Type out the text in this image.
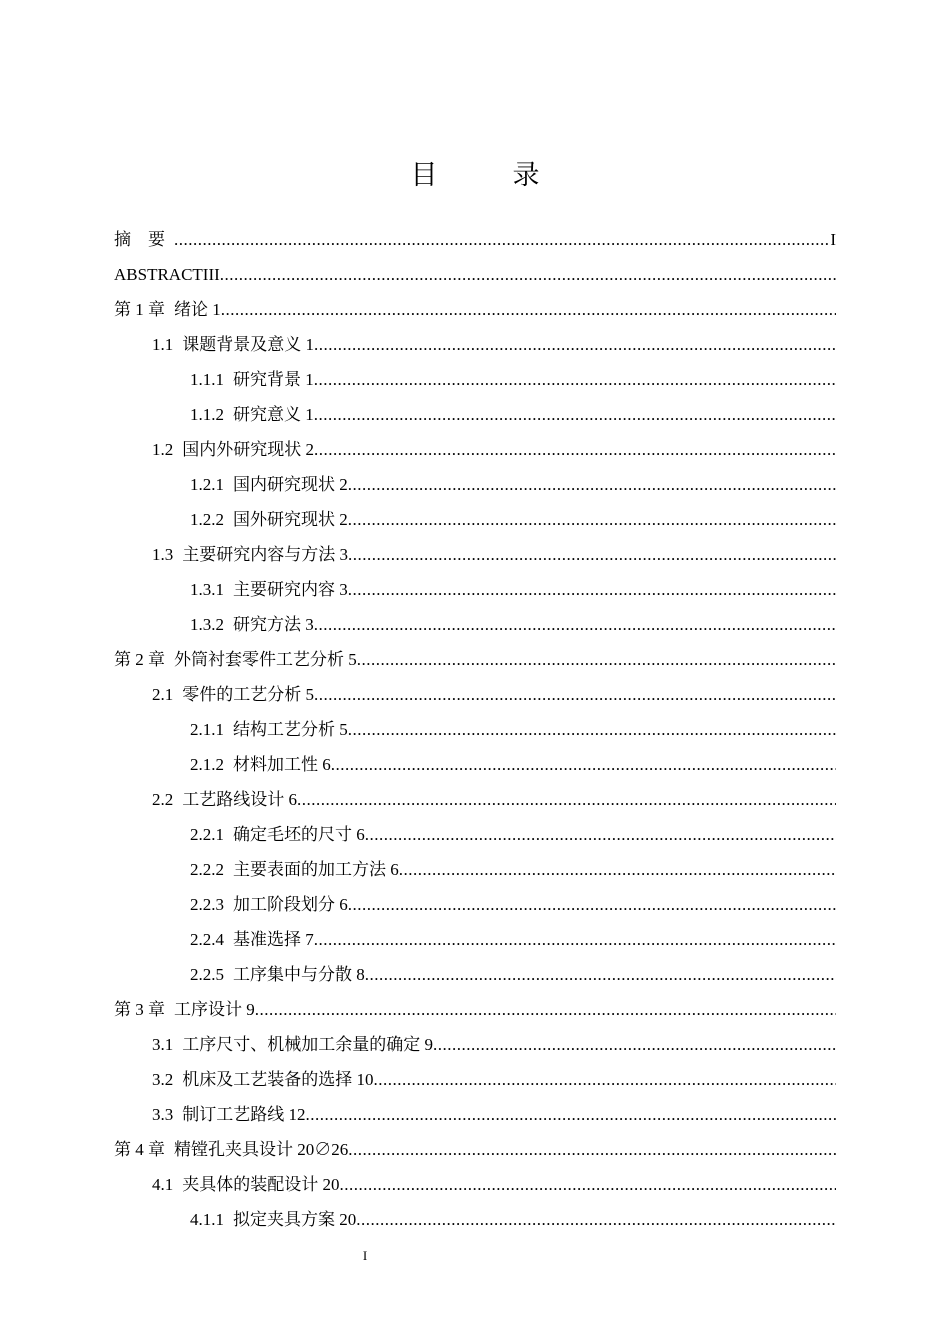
目　录
摘　要
.....	I
ABSTRACTIII
.....
第 1 章 绪论 1
.....
1.1 课题背景及意义 1
.....
1.1.1 研究背景 1
.....
1.1.2 研究意义 1
.....
1.2 国内外研究现状 2
.....
1.2.1 国内研究现状 2
.....
1.2.2 国外研究现状 2
.....
1.3 主要研究内容与方法 3
.....
1.3.1 主要研究内容 3
.....
1.3.2 研究方法 3
.....
第 2 章 外筒衬套零件工艺分析 5
.....
2.1 零件的工艺分析 5
.....
2.1.1 结构工艺分析 5
.....
2.1.2 材料加工性 6
.....
2.2 工艺路线设计 6
.....
2.2.1 确定毛坯的尺寸 6
.....
2.2.2 主要表面的加工方法 6
.....
2.2.3 加工阶段划分 6
.....
2.2.4 基准选择 7
.....
2.2.5 工序集中与分散 8
.....
第 3 章 工序设计 9
.....
3.1 工序尺寸、机械加工余量的确定 9
.....
3.2 机床及工艺装备的选择 10
.....
3.3 制订工艺路线 12
.....
第 4 章 精镗孔夹具设计 20∅26
.....
4.1 夹具体的装配设计 20
.....
4.1.1 拟定夹具方案 20
.....
I
